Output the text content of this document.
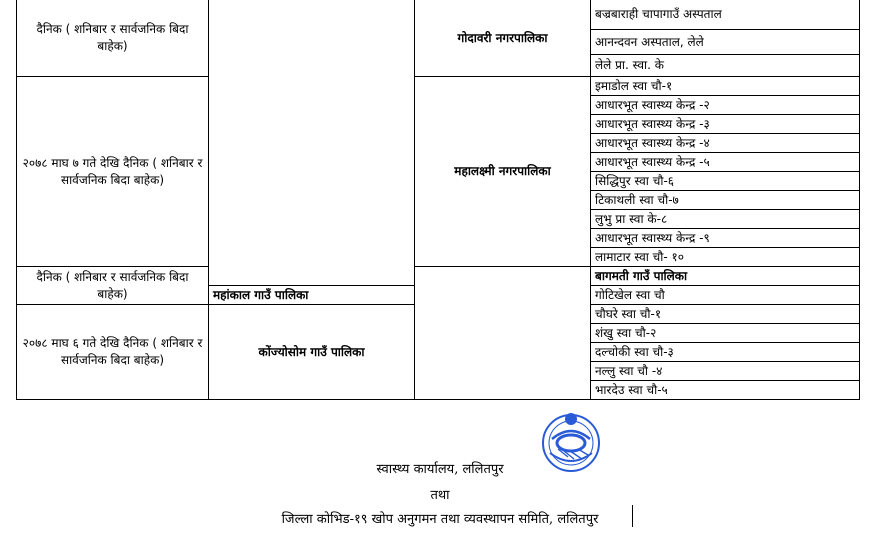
दैनिक ( शनिबार र सार्वजनिक बिदा बाहेक)		गोदावरी नगरपालिका	बज्रबाराही चापागाउँ अस्पताल	
			आनन्दवन अस्पताल, लेले	
			लेले प्रा. स्वा. के	
२०७८ माघ ७ गते देखि दैनिक ( शनिबार र सार्वजनिक बिदा बाहेक)		महालक्ष्मी नगरपालिका	इमाडोल स्वा चौ-१	
			आधारभूत स्वास्थ्य केन्द्र -२	
			आधारभूत स्वास्थ्य केन्द्र -३	
			आधारभूत स्वास्थ्य केन्द्र -४	
			आधारभूत स्वास्थ्य केन्द्र -५	
			सिद्धिपुर स्वा चौ-६	
			टिकाथली स्वा चौ-७	
			लुभु प्रा स्वा के-८	
			आधारभूत स्वास्थ्य केन्द्र -९	
			लामाटार स्वा चौ- १०	
दैनिक ( शनिबार र सार्वजनिक बिदा बाहेक)			बागमती गाउँ पालिका	
	महांकाल गाउँ पालिका		गोटिखेल स्वा चौ	
२०७८ माघ ६ गते देखि दैनिक ( शनिबार र सार्वजनिक बिदा बाहेक)	कोंज्योसोम गाउँ पालिका		चौघरे स्वा चौ-१	
			शंखु स्वा चौ-२	
			दल्चोकी स्वा चौ-३	
			नल्लु स्वा चौ -४	
			भारदेउ स्वा चौ-५	
स्वास्थ्य कार्यालय, ललितपुर
तथा
जिल्ला कोभिड-१९ खोप अनुगमन तथा व्यवस्थापन समिति, ललितपुर
